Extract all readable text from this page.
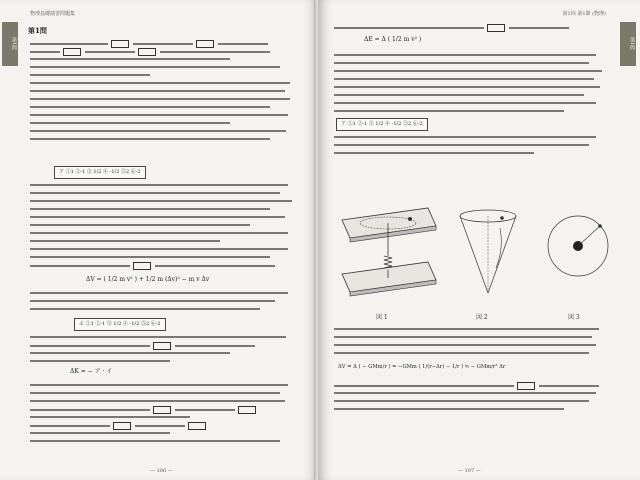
物理基礎演習問題集
第1問
第1問

ア ①1 ②-1 ③ 1/2 ④ -1/2 ⑤2 ⑥-2

ΔV = ( 1/2 m v² ) + 1/2 m (Δv)² − m v Δv
エ ①1 ②-1 ③ 1/2 ④ -1/2 ⑤2 ⑥-2

ΔK = − ア · イ

— 106 —
第1回 第1問 (物理)
第1問

ΔE = Δ ( 1/2 m v² )
ア ①1 ②-1 ③ 1/2 ④ -1/2 ⑤2 ⑥-2
図 1	図 2	図 3
ΔV = Δ ( − GMm/r ) = −GMm ( 1/(r−Δr) − 1/r ) ≒ − GMm/r² Δr

— 107 —
